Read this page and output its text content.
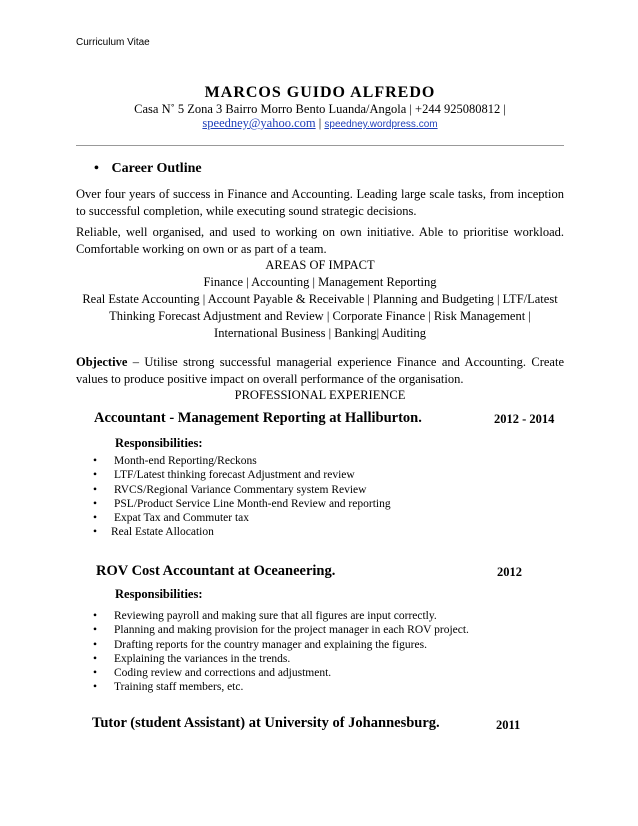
Curriculum Vitae
MARCOS GUIDO ALFREDO
Casa N˚ 5 Zona 3 Bairro Morro Bento Luanda/Angola | +244 925080812 |
speedney@yahoo.com | speedney.wordpress.com
• Career Outline

Over four years of success in Finance and Accounting. Leading large scale tasks, from inception

to successful completion, while executing sound strategic decisions.

Reliable, well organised, and used to working on own initiative. Able to prioritise workload.

Comfortable working on own or as part of a team.

AREAS OF IMPACT
Finance | Accounting | Management Reporting
Real Estate Accounting | Account Payable & Receivable | Planning and Budgeting | LTF/Latest
Thinking Forecast Adjustment and Review | Corporate Finance | Risk Management |
International Business | Banking| Auditing

Objective – Utilise strong successful managerial experience Finance and Accounting. Create

values to produce positive impact on overall performance of the organisation.

PROFESSIONAL EXPERIENCE
Accountant - Management Reporting at Halliburton.	2012 - 2014
Responsibilities:
• Month-end Reporting/Reckons
• LTF/Latest thinking forecast Adjustment and review
• RVCS/Regional Variance Commentary system Review
• PSL/Product Service Line Month-end Review and reporting
• Expat Tax and Commuter tax
• Real Estate Allocation
ROV Cost Accountant at Oceaneering.	2012
Responsibilities:
• Reviewing payroll and making sure that all figures are input correctly.
• Planning and making provision for the project manager in each ROV project.
• Drafting reports for the country manager and explaining the figures.
• Explaining the variances in the trends.
• Coding review and corrections and adjustment.
• Training staff members, etc.
Tutor (student Assistant) at University of Johannesburg.	2011
